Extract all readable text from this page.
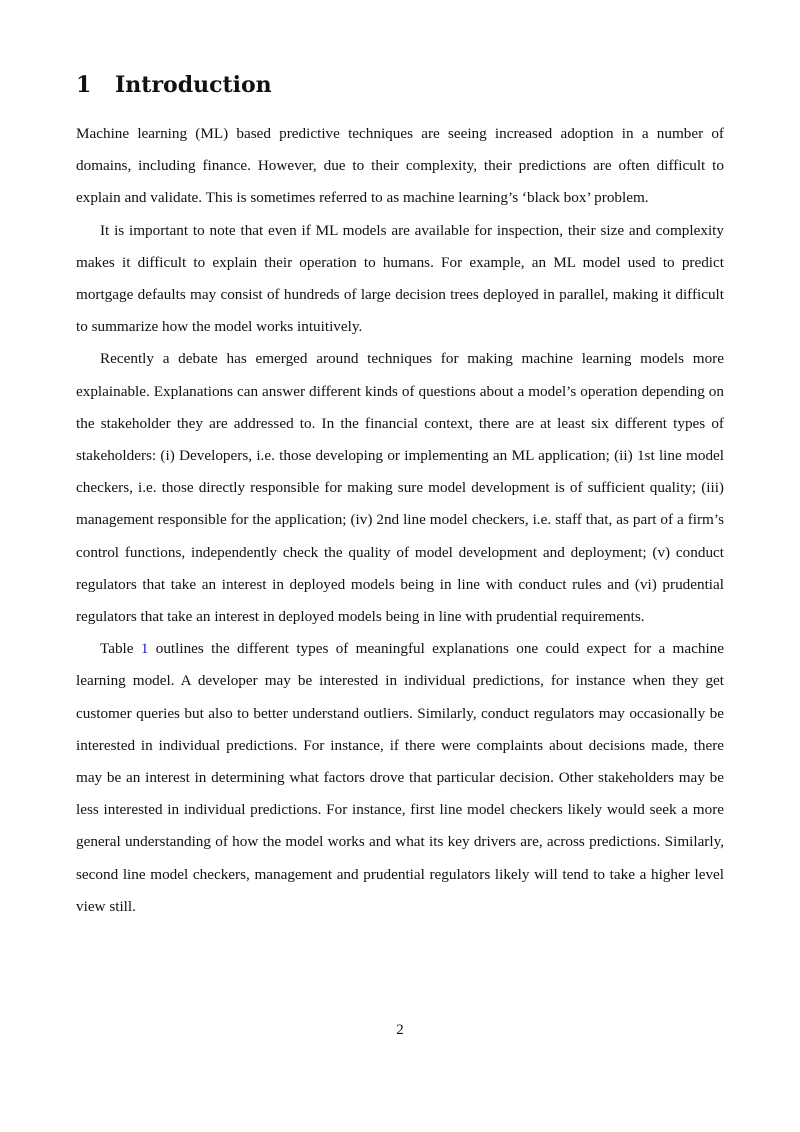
1 Introduction

Machine learning (ML) based predictive techniques are seeing increased adoption in a number of domains, including finance. However, due to their complexity, their predictions are often difficult to explain and validate. This is sometimes referred to as machine learning’s ‘black box’ problem.

It is important to note that even if ML models are available for inspection, their size and complexity makes it difficult to explain their operation to humans. For example, an ML model used to predict mortgage defaults may consist of hundreds of large decision trees deployed in parallel, making it difficult to summarize how the model works intuitively.

Recently a debate has emerged around techniques for making machine learning models more explainable. Explanations can answer different kinds of questions about a model’s operation depending on the stakeholder they are addressed to. In the financial context, there are at least six different types of stakeholders: (i) Developers, i.e. those developing or implementing an ML application; (ii) 1st line model checkers, i.e. those directly responsible for making sure model development is of sufficient quality; (iii) management responsible for the application; (iv) 2nd line model checkers, i.e. staff that, as part of a firm’s control functions, independently check the quality of model development and deployment; (v) conduct regulators that take an interest in deployed models being in line with conduct rules and (vi) prudential regulators that take an interest in deployed models being in line with prudential requirements.

Table 1 outlines the different types of meaningful explanations one could expect for a machine learning model. A developer may be interested in individual predictions, for instance when they get customer queries but also to better understand outliers. Similarly, conduct regulators may occasionally be interested in individual predictions. For instance, if there were complaints about decisions made, there may be an interest in determining what factors drove that particular decision. Other stakeholders may be less interested in individual predictions. For instance, first line model checkers likely would seek a more general understanding of how the model works and what its key drivers are, across predictions. Similarly, second line model checkers, management and prudential regulators likely will tend to take a higher level view still.

2
